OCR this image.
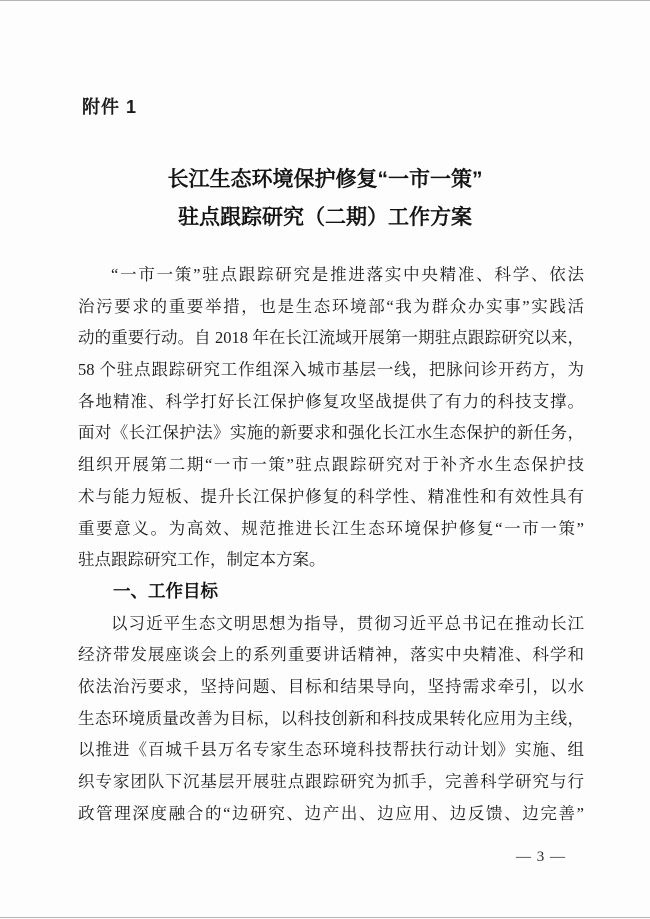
附件 1
长江生态环境保护修复“一市一策”
驻点跟踪研究（二期）工作方案
“一市一策”驻点跟踪研究是推进落实中央精准、科学、依法
治污要求的重要举措，也是生态环境部“我为群众办实事”实践活
动的重要行动。自 2018 年在长江流域开展第一期驻点跟踪研究以来，
58 个驻点跟踪研究工作组深入城市基层一线，把脉问诊开药方，为
各地精准、科学打好长江保护修复攻坚战提供了有力的科技支撑。
面对《长江保护法》实施的新要求和强化长江水生态保护的新任务，
组织开展第二期“一市一策”驻点跟踪研究对于补齐水生态保护技
术与能力短板、提升长江保护修复的科学性、精准性和有效性具有
重要意义。为高效、规范推进长江生态环境保护修复“一市一策”
驻点跟踪研究工作，制定本方案。
一、工作目标
以习近平生态文明思想为指导，贯彻习近平总书记在推动长江
经济带发展座谈会上的系列重要讲话精神，落实中央精准、科学和
依法治污要求，坚持问题、目标和结果导向，坚持需求牵引，以水
生态环境质量改善为目标，以科技创新和科技成果转化应用为主线，
以推进《百城千县万名专家生态环境科技帮扶行动计划》实施、组
织专家团队下沉基层开展驻点跟踪研究为抓手，完善科学研究与行
政管理深度融合的“边研究、边产出、边应用、边反馈、边完善”
— 3 —
